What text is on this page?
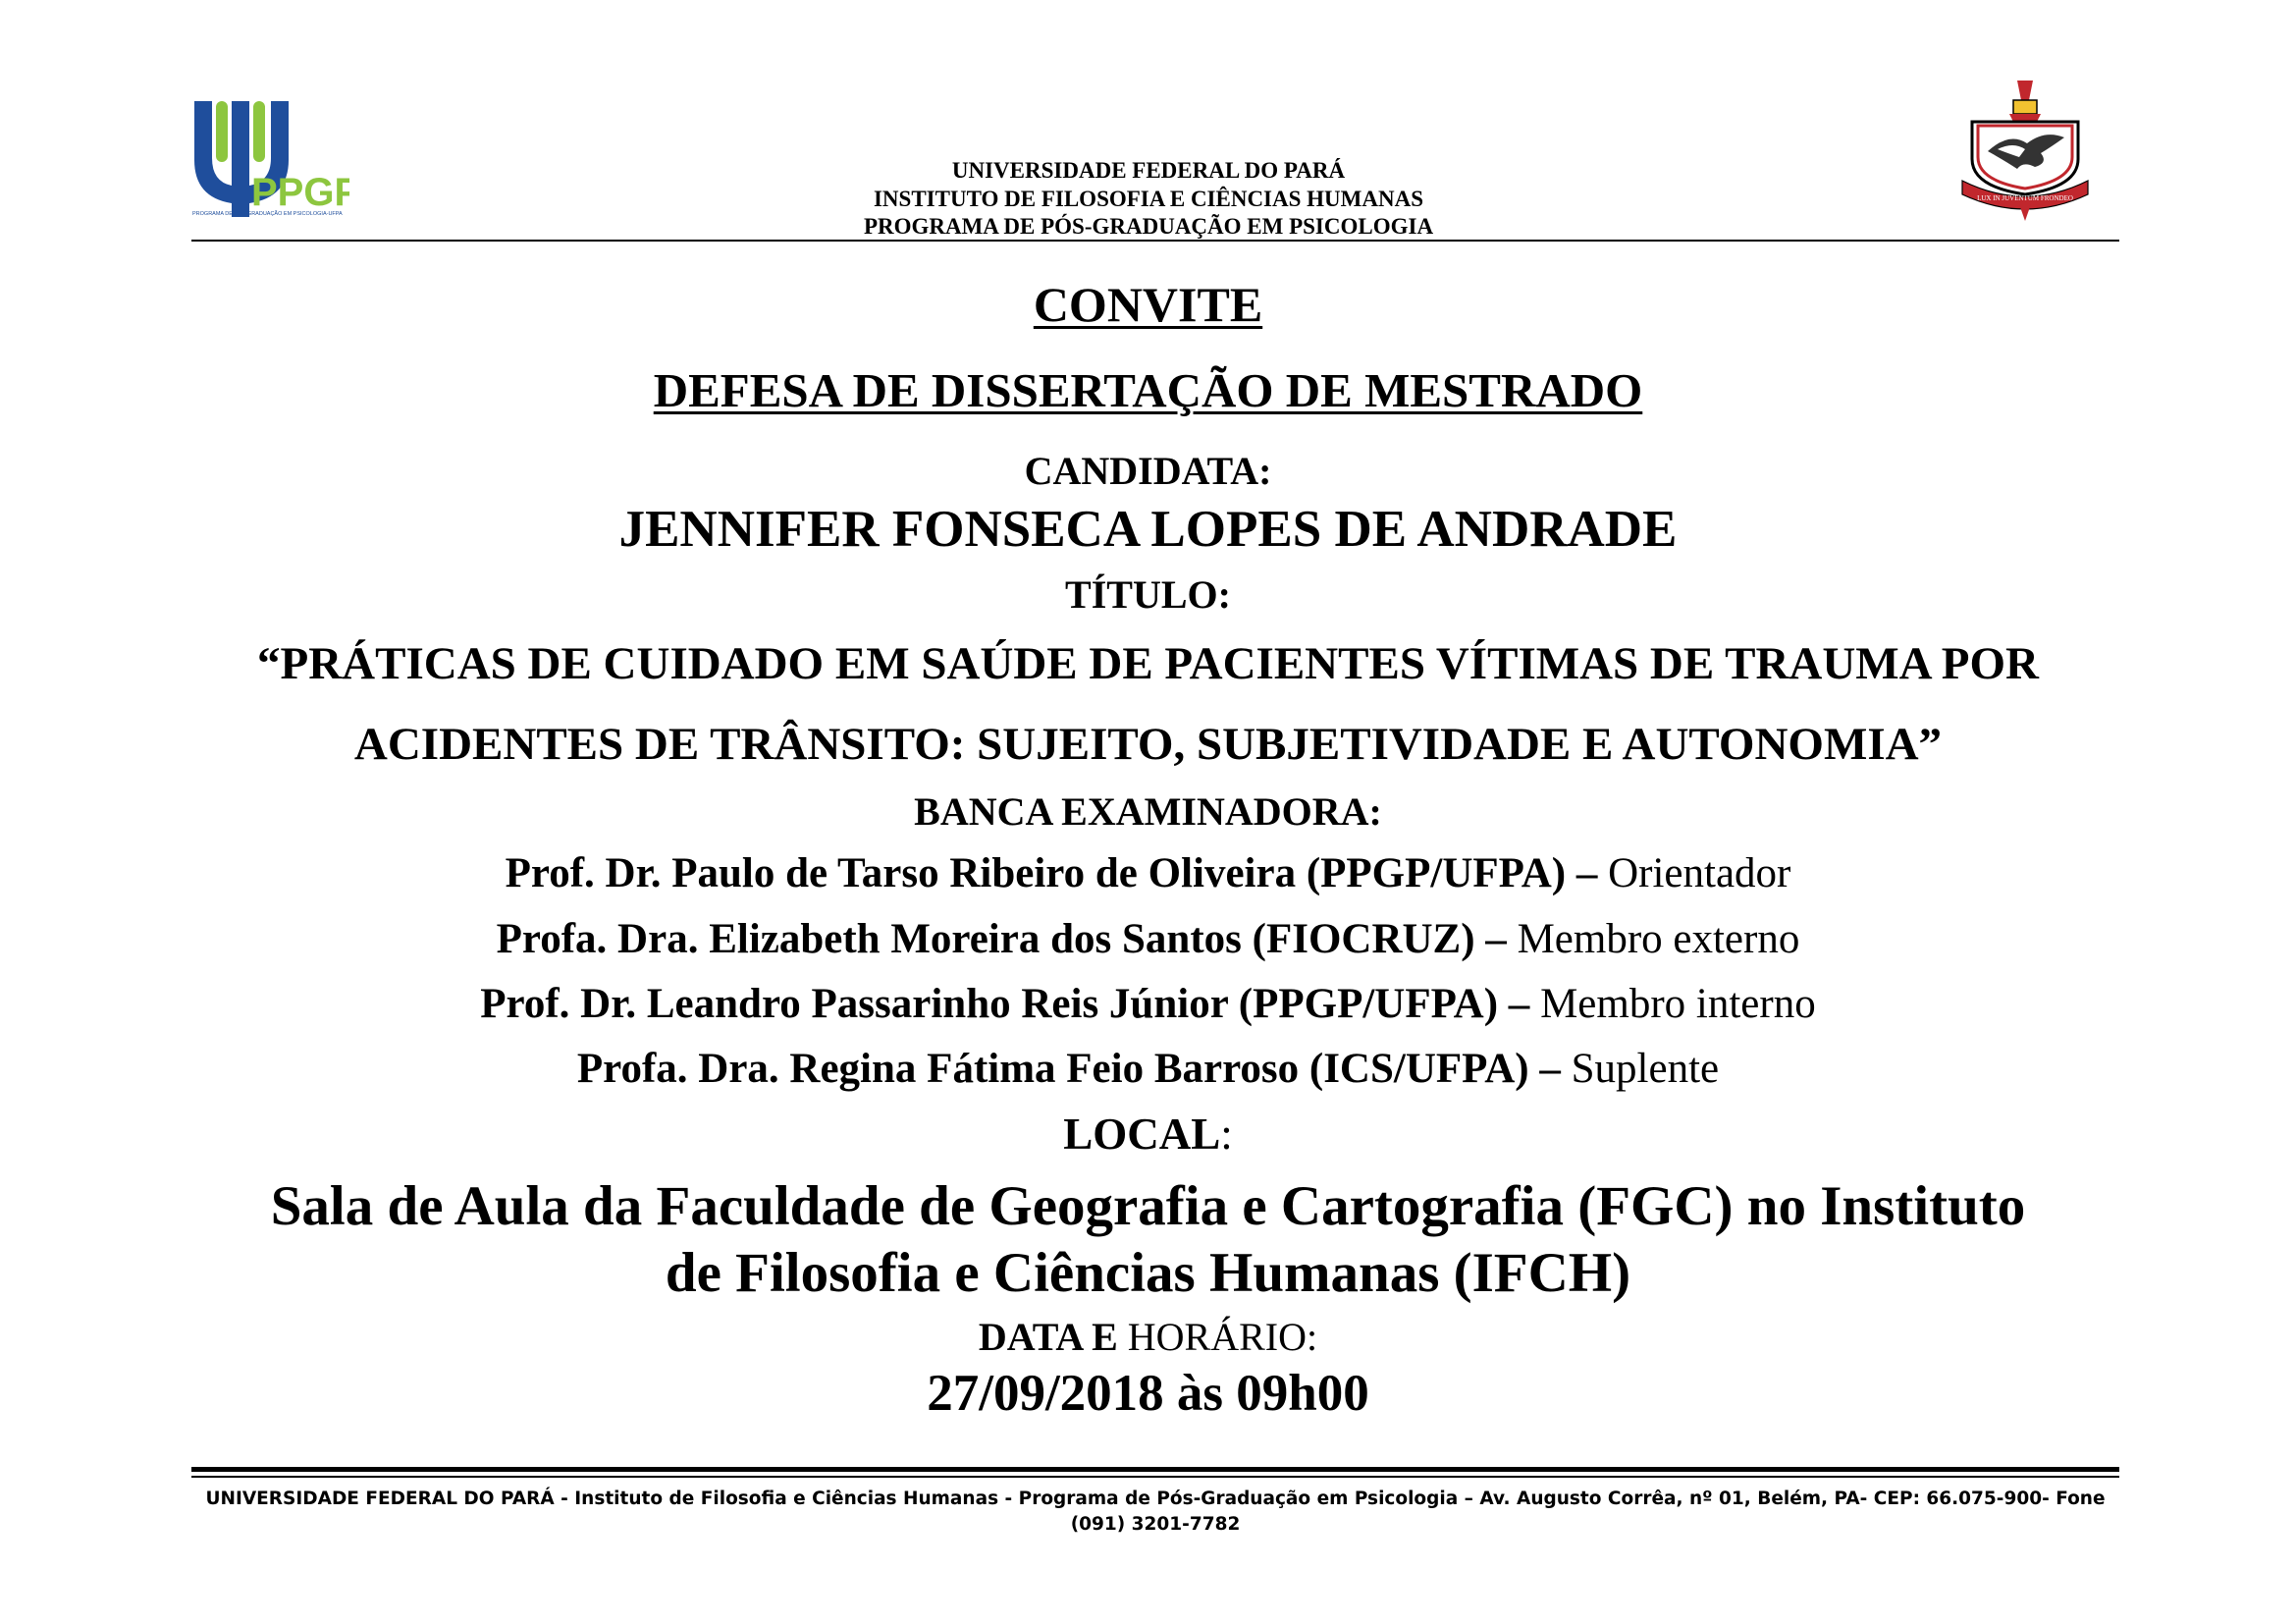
PPGP
PROGRAMA DE PÓS-GRADUAÇÃO EM PSICOLOGIA-UFPA
LUX IN JUVENTUM FRONDEO
UNIVERSIDADE FEDERAL DO PARÁ
INSTITUTO DE FILOSOFIA E CIÊNCIAS HUMANAS
PROGRAMA DE PÓS-GRADUAÇÃO EM PSICOLOGIA
CONVITE
DEFESA DE DISSERTAÇÃO DE MESTRADO
CANDIDATA:
JENNIFER FONSECA LOPES DE ANDRADE
TÍTULO:
“PRÁTICAS DE CUIDADO EM SAÚDE DE PACIENTES VÍTIMAS DE TRAUMA POR
ACIDENTES DE TRÂNSITO: SUJEITO, SUBJETIVIDADE E AUTONOMIA”
BANCA EXAMINADORA:
Prof. Dr. Paulo de Tarso Ribeiro de Oliveira (PPGP/UFPA) – Orientador
Profa. Dra. Elizabeth Moreira dos Santos (FIOCRUZ) – Membro externo
Prof. Dr. Leandro Passarinho Reis Júnior (PPGP/UFPA) – Membro interno
Profa. Dra. Regina Fátima Feio Barroso (ICS/UFPA) – Suplente
LOCAL:
Sala de Aula da Faculdade de Geografia e Cartografia (FGC) no Instituto
de Filosofia e Ciências Humanas (IFCH)
DATA E HORÁRIO:
27/09/2018 às 09h00
UNIVERSIDADE FEDERAL DO PARÁ - Instituto de Filosofia e Ciências Humanas - Programa de Pós-Graduação em Psicologia – Av. Augusto Corrêa, nº 01, Belém, PA- CEP: 66.075-900- Fone
(091) 3201-7782
